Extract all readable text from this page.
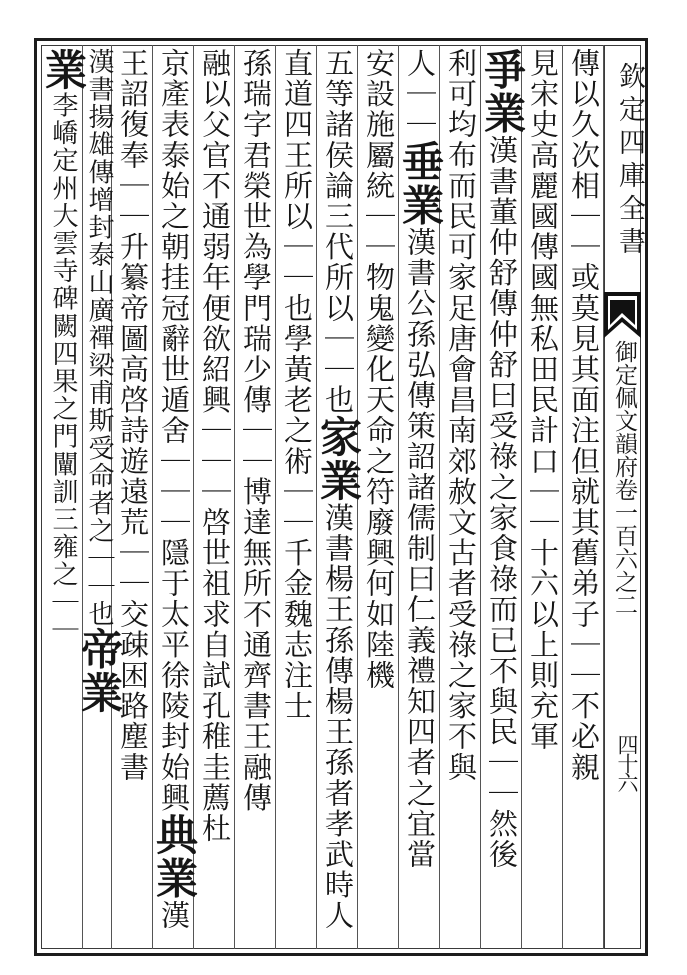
欽定四庫全書
御定佩文韻府卷一百六之二
四十六
傳以久次相｜｜或莫見其面注但就其舊弟子｜｜不必親
見宋史高麗國傳國無私田民計口｜｜十六以上則充軍
爭業漢書董仲舒傳仲舒曰受祿之家食祿而已不與民｜｜然後
利可均布而民可家足唐會昌南郊赦文古者受祿之家不與
人｜｜垂業漢書公孫弘傳策詔諸儒制曰仁義禮知四者之宜當
安設施屬統｜｜物鬼變化天命之符廢興何如陸機
五等諸侯論三代所以｜｜也家業漢書楊王孫傳楊王孫者孝武時人
直道四王所以｜｜也學黃老之術｜｜千金魏志注士
孫瑞字君榮世為學門瑞少傳｜｜博達無所不通齊書王融傳
融以父官不通弱年便欲紹興｜｜｜啓世祖求自試孔稚圭薦杜
京產表泰始之朝挂冠辭世遁舍｜｜｜隱于太平徐陵封始興典業漢
王詔復奉｜｜升纂帝圖高啓詩遊遠荒｜｜交疎困路塵書
漢書揚雄傳增封泰山廣禪梁甫斯受命者之｜｜也帝業
業李嶠定州大雲寺碑闕四果之門闡訓三雍之｜｜
